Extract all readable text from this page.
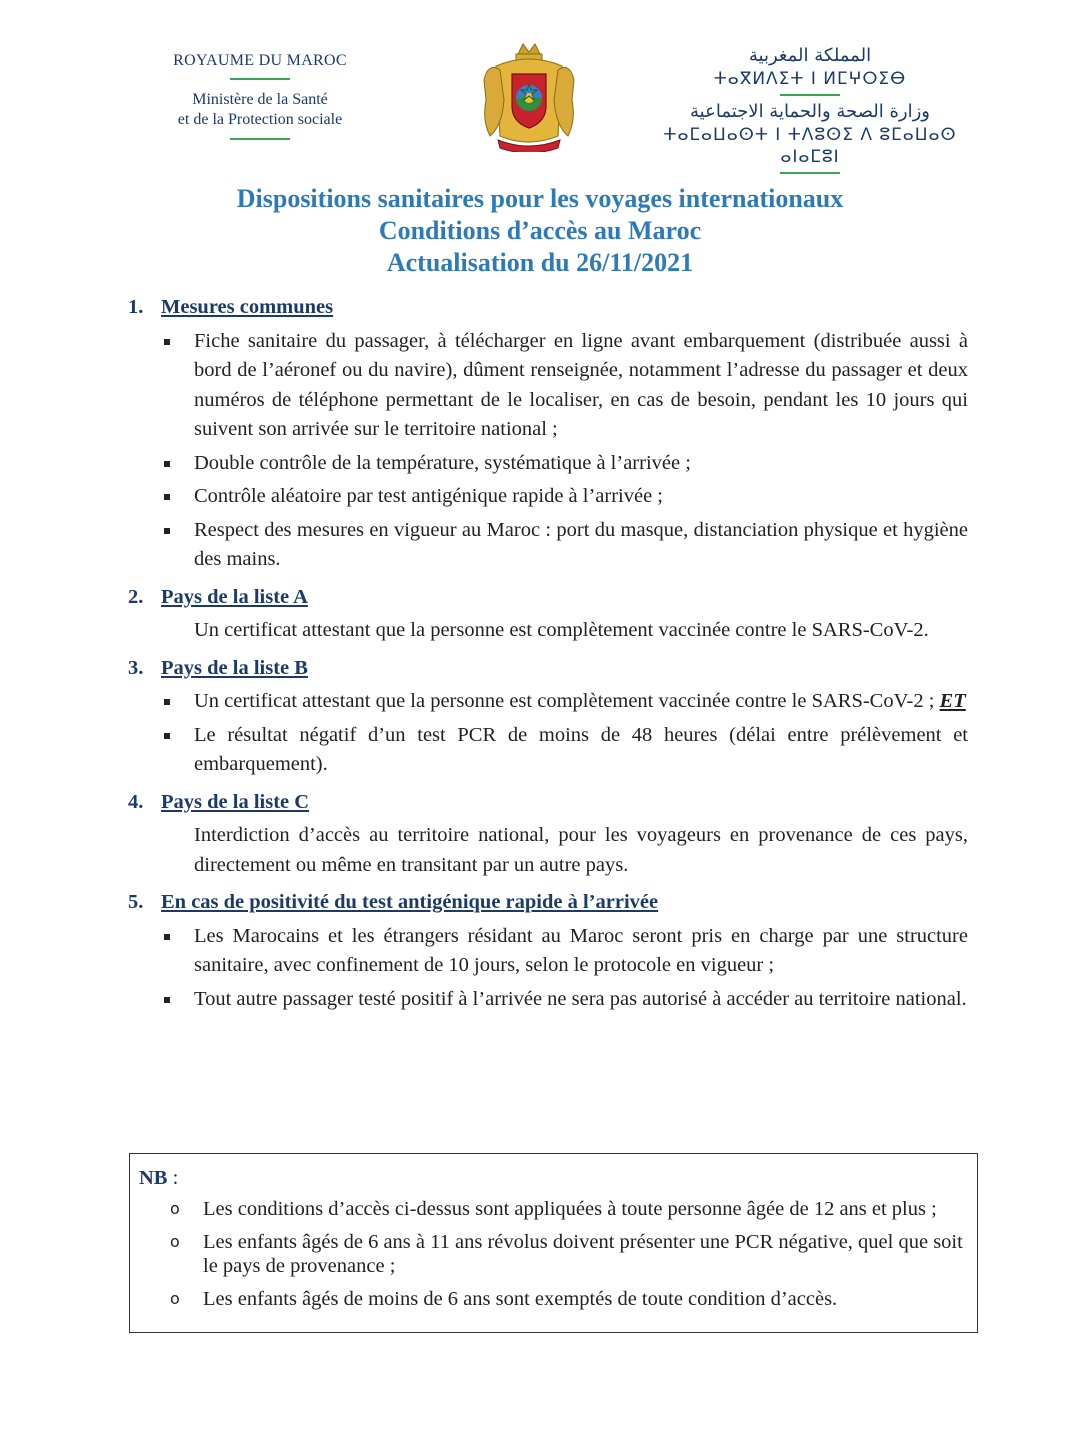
ROYAUME DU MAROC
Ministère de la Santé
et de la Protection sociale
المملكة المغربية
ⵜⴰⴳⵍⴷⵉⵜ ⵏ ⵍⵎⵖⵔⵉⴱ
وزارة الصحة والحماية الاجتماعية
ⵜⴰⵎⴰⵡⴰⵙⵜ ⵏ ⵜⴷⵓⵙⵉ ⴷ ⵓⵎⴰⵡⴰⵙ ⴰⵏⴰⵎⵓⵏ
Dispositions sanitaires pour les voyages internationaux
Conditions d’accès au Maroc
Actualisation du 26/11/2021
1. Mesures communes
Fiche sanitaire du passager, à télécharger en ligne avant embarquement (distribuée aussi à bord de l’aéronef ou du navire), dûment renseignée, notamment l’adresse du passager et deux numéros de téléphone permettant de le localiser, en cas de besoin, pendant les 10 jours qui suivent son arrivée sur le territoire national ;
Double contrôle de la température, systématique à l’arrivée ;
Contrôle aléatoire par test antigénique rapide à l’arrivée ;
Respect des mesures en vigueur au Maroc : port du masque, distanciation physique et hygiène des mains.
2. Pays de la liste A
Un certificat attestant que la personne est complètement vaccinée contre le SARS-CoV-2.
3. Pays de la liste B
Un certificat attestant que la personne est complètement vaccinée contre le SARS-CoV-2 ; ET
Le résultat négatif d’un test PCR de moins de 48 heures (délai entre prélèvement et embarquement).
4. Pays de la liste C
Interdiction d’accès au territoire national, pour les voyageurs en provenance de ces pays, directement ou même en transitant par un autre pays.
5. En cas de positivité du test antigénique rapide à l’arrivée
Les Marocains et les étrangers résidant au Maroc seront pris en charge par une structure sanitaire, avec confinement de 10 jours, selon le protocole en vigueur ;
Tout autre passager testé positif à l’arrivée ne sera pas autorisé à accéder au territoire national.
NB :
o Les conditions d’accès ci-dessus sont appliquées à toute personne âgée de 12 ans et plus ;
o Les enfants âgés de 6 ans à 11 ans révolus doivent présenter une PCR négative, quel que soit le pays de provenance ;
o Les enfants âgés de moins de 6 ans sont exemptés de toute condition d’accès.
